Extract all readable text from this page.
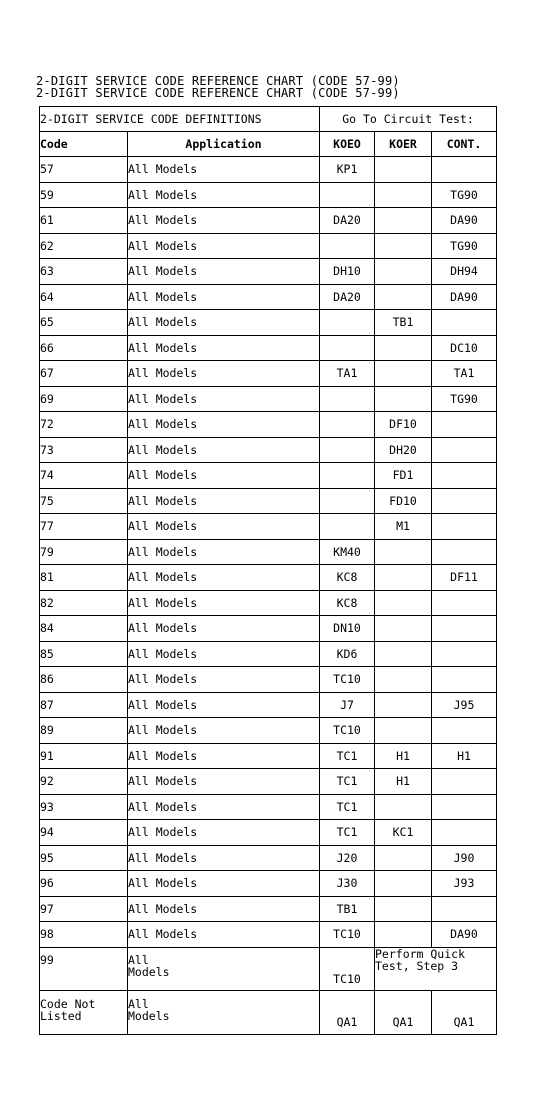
2-DIGIT SERVICE CODE REFERENCE CHART (CODE 57-99)
2-DIGIT SERVICE CODE REFERENCE CHART (CODE 57-99)
2-DIGIT SERVICE CODE DEFINITIONS		Go To Circuit Test:		
Code	Application	KOEO	KOER	CONT.
57	All Models	KP1		
59	All Models			TG90
61	All Models	DA20		DA90
62	All Models			TG90
63	All Models	DH10		DH94
64	All Models	DA20		DA90
65	All Models		TB1	
66	All Models			DC10
67	All Models	TA1		TA1
69	All Models			TG90
72	All Models		DF10	
73	All Models		DH20	
74	All Models		FD1	
75	All Models		FD10	
77	All Models		M1	
79	All Models	KM40		
81	All Models	KC8		DF11
82	All Models	KC8		
84	All Models	DN10		
85	All Models	KD6		
86	All Models	TC10		
87	All Models	J7		J95
89	All Models	TC10		
91	All Models	TC1	H1	H1
92	All Models	TC1	H1	
93	All Models	TC1		
94	All Models	TC1	KC1	
95	All Models	J20		J90
96	All Models	J30		J93
97	All Models	TB1		
98	All Models	TC10		DA90
99	All
Models	TC10	Perform Quick
Test, Step 3	

Code Not
Listed	All
Models	QA1	QA1	QA1
